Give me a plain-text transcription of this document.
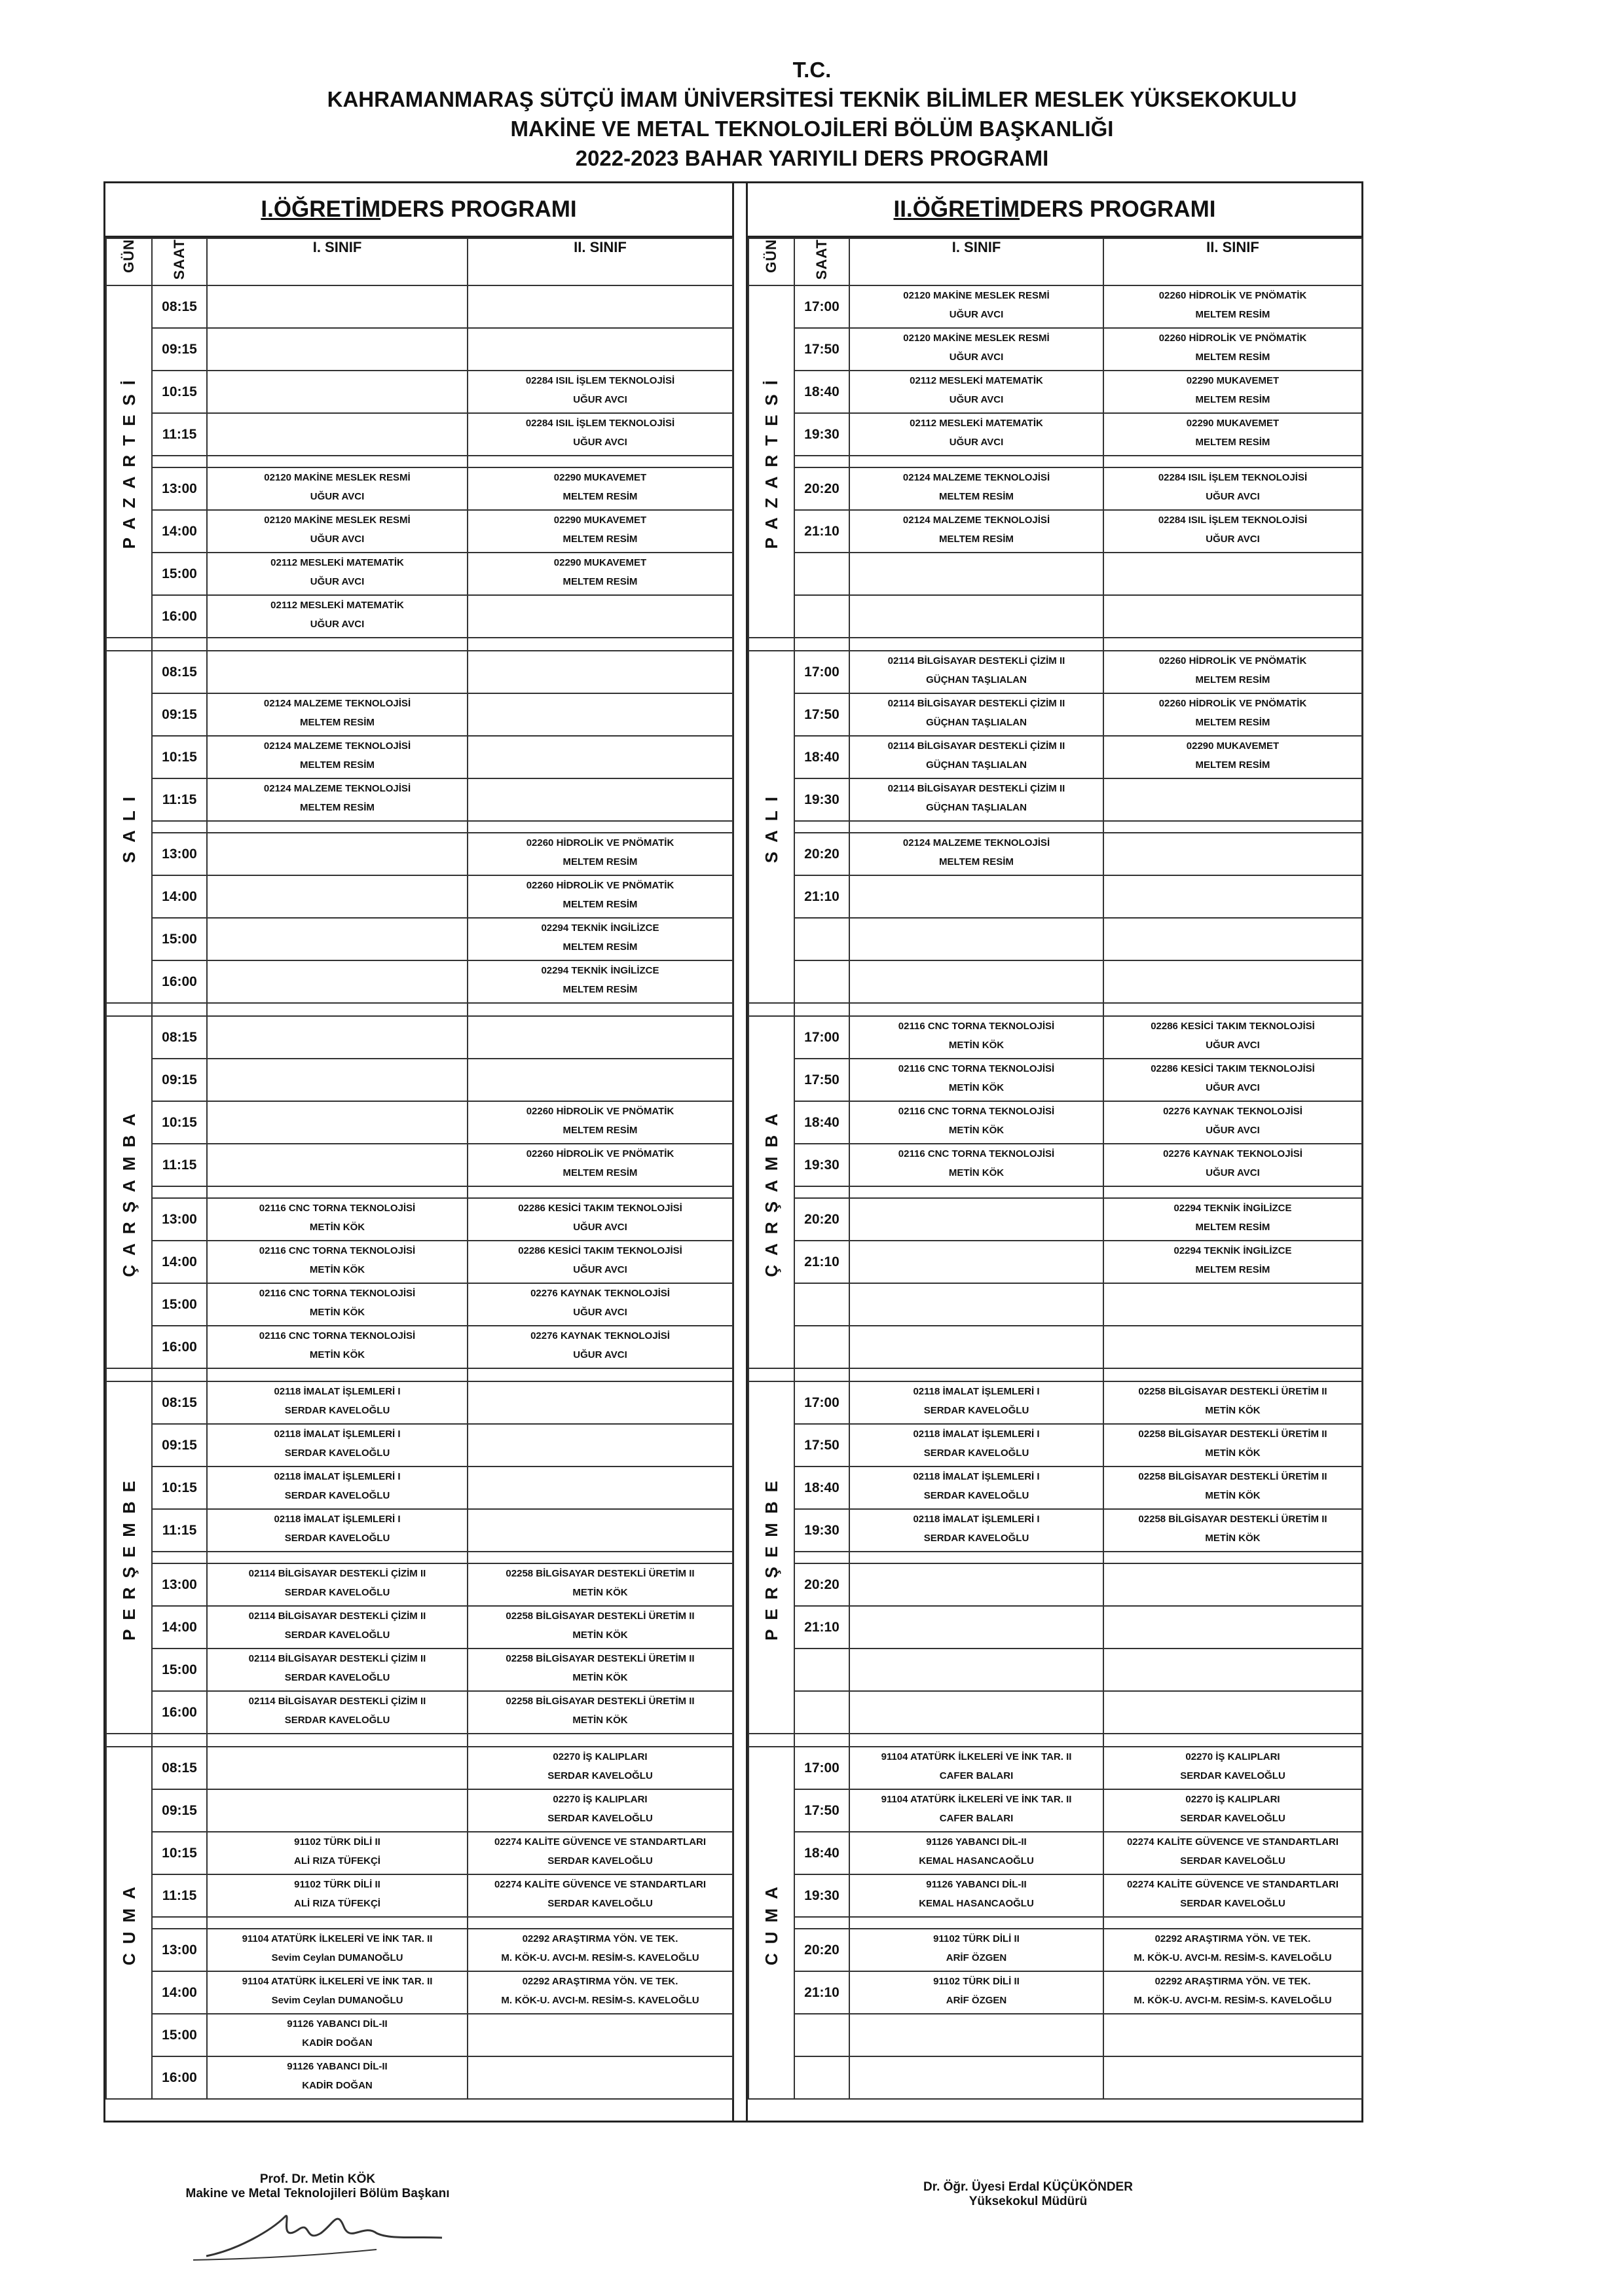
T.C.
KAHRAMANMARAŞ SÜTÇÜ İMAM ÜNİVERSİTESİ TEKNİK BİLİMLER MESLEK YÜKSEKOKULU
MAKİNE VE METAL TEKNOLOJİLERİ BÖLÜM BAŞKANLIĞI
2022-2023 BAHAR YARIYILI DERS PROGRAMI
I.ÖĞRETİM DERS PROGRAMI
GÜN	SAAT	I. SINIF	II. SINIF
PAZARTESİ	08:15	

	09:15	

	10:15		02284 ISIL İŞLEM TEKNOLOJİSİ
UĞUR AVCI

	11:15		02284 ISIL İŞLEM TEKNOLOJİSİ
UĞUR AVCI

	13:00	02120 MAKİNE MESLEK RESMİ
UĞUR AVCI	02290 MUKAVEMET
MELTEM RESİM

	14:00	02120 MAKİNE MESLEK RESMİ
UĞUR AVCI	02290 MUKAVEMET
MELTEM RESİM

	15:00	02112 MESLEKİ MATEMATİK
UĞUR AVCI	02290 MUKAVEMET
MELTEM RESİM

	16:00	02112 MESLEKİ MATEMATİK
UĞUR AVCI	

SALI	08:15	

	09:15	02124 MALZEME TEKNOLOJİSİ
MELTEM RESİM	

	10:15	02124 MALZEME TEKNOLOJİSİ
MELTEM RESİM	

	11:15	02124 MALZEME TEKNOLOJİSİ
MELTEM RESİM	

	13:00		02260 HİDROLİK VE PNÖMATİK
MELTEM RESİM

	14:00		02260 HİDROLİK VE PNÖMATİK
MELTEM RESİM

	15:00		02294 TEKNİK İNGİLİZCE
MELTEM RESİM

	16:00		02294 TEKNİK İNGİLİZCE
MELTEM RESİM

ÇARŞAMBA	08:15	

	09:15	

	10:15		02260 HİDROLİK VE PNÖMATİK
MELTEM RESİM

	11:15		02260 HİDROLİK VE PNÖMATİK
MELTEM RESİM

	13:00	02116 CNC TORNA TEKNOLOJİSİ
METİN KÖK	02286 KESİCİ TAKIM TEKNOLOJİSİ
UĞUR AVCI

	14:00	02116 CNC TORNA TEKNOLOJİSİ
METİN KÖK	02286 KESİCİ TAKIM TEKNOLOJİSİ
UĞUR AVCI

	15:00	02116 CNC TORNA TEKNOLOJİSİ
METİN KÖK	02276 KAYNAK TEKNOLOJİSİ
UĞUR AVCI

	16:00	02116 CNC TORNA TEKNOLOJİSİ
METİN KÖK	02276 KAYNAK TEKNOLOJİSİ
UĞUR AVCI

PERŞEMBE	08:15	02118 İMALAT İŞLEMLERİ I
SERDAR KAVELOĞLU	

	09:15	02118 İMALAT İŞLEMLERİ I
SERDAR KAVELOĞLU	

	10:15	02118 İMALAT İŞLEMLERİ I
SERDAR KAVELOĞLU	

	11:15	02118 İMALAT İŞLEMLERİ I
SERDAR KAVELOĞLU	

	13:00	02114 BİLGİSAYAR DESTEKLİ ÇİZİM II
SERDAR KAVELOĞLU	02258 BİLGİSAYAR DESTEKLİ ÜRETİM II
METİN KÖK

	14:00	02114 BİLGİSAYAR DESTEKLİ ÇİZİM II
SERDAR KAVELOĞLU	02258 BİLGİSAYAR DESTEKLİ ÜRETİM II
METİN KÖK

	15:00	02114 BİLGİSAYAR DESTEKLİ ÇİZİM II
SERDAR KAVELOĞLU	02258 BİLGİSAYAR DESTEKLİ ÜRETİM II
METİN KÖK

	16:00	02114 BİLGİSAYAR DESTEKLİ ÇİZİM II
SERDAR KAVELOĞLU	02258 BİLGİSAYAR DESTEKLİ ÜRETİM II
METİN KÖK

CUMA	08:15		02270 İŞ KALIPLARI
SERDAR KAVELOĞLU

	09:15		02270 İŞ KALIPLARI
SERDAR KAVELOĞLU

	10:15	91102 TÜRK DİLİ II
ALİ RIZA TÜFEKÇİ	02274 KALİTE GÜVENCE VE STANDARTLARI
SERDAR KAVELOĞLU

	11:15	91102 TÜRK DİLİ II
ALİ RIZA TÜFEKÇİ	02274 KALİTE GÜVENCE VE STANDARTLARI
SERDAR KAVELOĞLU

	13:00	91104 ATATÜRK İLKELERİ VE İNK TAR. II
Sevim Ceylan DUMANOĞLU	02292 ARAŞTIRMA YÖN. VE TEK.
M. KÖK-U. AVCI-M. RESİM-S. KAVELOĞLU

	14:00	91104 ATATÜRK İLKELERİ VE İNK TAR. II
Sevim Ceylan DUMANOĞLU	02292 ARAŞTIRMA YÖN. VE TEK.
M. KÖK-U. AVCI-M. RESİM-S. KAVELOĞLU

	15:00	91126 YABANCI DİL-II
KADİR DOĞAN	

	16:00	91126 YABANCI DİL-II
KADİR DOĞAN	

II.ÖĞRETİM DERS PROGRAMI
GÜN	SAAT	I. SINIF	II. SINIF
PAZARTESİ	17:00	02120 MAKİNE MESLEK RESMİ
UĞUR AVCI	02260 HİDROLİK VE PNÖMATİK
MELTEM RESİM

	17:50	02120 MAKİNE MESLEK RESMİ
UĞUR AVCI	02260 HİDROLİK VE PNÖMATİK
MELTEM RESİM

	18:40	02112 MESLEKİ MATEMATİK
UĞUR AVCI	02290 MUKAVEMET
MELTEM RESİM

	19:30	02112 MESLEKİ MATEMATİK
UĞUR AVCI	02290 MUKAVEMET
MELTEM RESİM

	20:20	02124 MALZEME TEKNOLOJİSİ
MELTEM RESİM	02284 ISIL İŞLEM TEKNOLOJİSİ
UĞUR AVCI

	21:10	02124 MALZEME TEKNOLOJİSİ
MELTEM RESİM	02284 ISIL İŞLEM TEKNOLOJİSİ
UĞUR AVCI

SALI	17:00	02114 BİLGİSAYAR DESTEKLİ ÇİZİM II
GÜÇHAN TAŞLIALAN	02260 HİDROLİK VE PNÖMATİK
MELTEM RESİM

	17:50	02114 BİLGİSAYAR DESTEKLİ ÇİZİM II
GÜÇHAN TAŞLIALAN	02260 HİDROLİK VE PNÖMATİK
MELTEM RESİM

	18:40	02114 BİLGİSAYAR DESTEKLİ ÇİZİM II
GÜÇHAN TAŞLIALAN	02290 MUKAVEMET
MELTEM RESİM

	19:30	02114 BİLGİSAYAR DESTEKLİ ÇİZİM II
GÜÇHAN TAŞLIALAN	

	20:20	02124 MALZEME TEKNOLOJİSİ
MELTEM RESİM	

	21:10	

ÇARŞAMBA	17:00	02116 CNC TORNA TEKNOLOJİSİ
METİN KÖK	02286 KESİCİ TAKIM TEKNOLOJİSİ
UĞUR AVCI

	17:50	02116 CNC TORNA TEKNOLOJİSİ
METİN KÖK	02286 KESİCİ TAKIM TEKNOLOJİSİ
UĞUR AVCI

	18:40	02116 CNC TORNA TEKNOLOJİSİ
METİN KÖK	02276 KAYNAK TEKNOLOJİSİ
UĞUR AVCI

	19:30	02116 CNC TORNA TEKNOLOJİSİ
METİN KÖK	02276 KAYNAK TEKNOLOJİSİ
UĞUR AVCI

	20:20		02294 TEKNİK İNGİLİZCE
MELTEM RESİM

	21:10		02294 TEKNİK İNGİLİZCE
MELTEM RESİM

PERŞEMBE	17:00	02118 İMALAT İŞLEMLERİ I
SERDAR KAVELOĞLU	02258 BİLGİSAYAR DESTEKLİ ÜRETİM II
METİN KÖK

	17:50	02118 İMALAT İŞLEMLERİ I
SERDAR KAVELOĞLU	02258 BİLGİSAYAR DESTEKLİ ÜRETİM II
METİN KÖK

	18:40	02118 İMALAT İŞLEMLERİ I
SERDAR KAVELOĞLU	02258 BİLGİSAYAR DESTEKLİ ÜRETİM II
METİN KÖK

	19:30	02118 İMALAT İŞLEMLERİ I
SERDAR KAVELOĞLU	02258 BİLGİSAYAR DESTEKLİ ÜRETİM II
METİN KÖK

	20:20	

	21:10	

CUMA	17:00	91104 ATATÜRK İLKELERİ VE İNK TAR. II
CAFER BALARI	02270 İŞ KALIPLARI
SERDAR KAVELOĞLU

	17:50	91104 ATATÜRK İLKELERİ VE İNK TAR. II
CAFER BALARI	02270 İŞ KALIPLARI
SERDAR KAVELOĞLU

	18:40	91126 YABANCI DİL-II
KEMAL HASANCAOĞLU	02274 KALİTE GÜVENCE VE STANDARTLARI
SERDAR KAVELOĞLU

	19:30	91126 YABANCI DİL-II
KEMAL HASANCAOĞLU	02274 KALİTE GÜVENCE VE STANDARTLARI
SERDAR KAVELOĞLU

	20:20	91102 TÜRK DİLİ II
ARİF ÖZGEN	02292 ARAŞTIRMA YÖN. VE TEK.
M. KÖK-U. AVCI-M. RESİM-S. KAVELOĞLU

	21:10	91102 TÜRK DİLİ II
ARİF ÖZGEN	02292 ARAŞTIRMA YÖN. VE TEK.
M. KÖK-U. AVCI-M. RESİM-S. KAVELOĞLU

Prof. Dr. Metin KÖK
Makine ve Metal Teknolojileri Bölüm Başkanı	Dr. Öğr. Üyesi Erdal KÜÇÜKÖNDER
Yüksekokul Müdürü
